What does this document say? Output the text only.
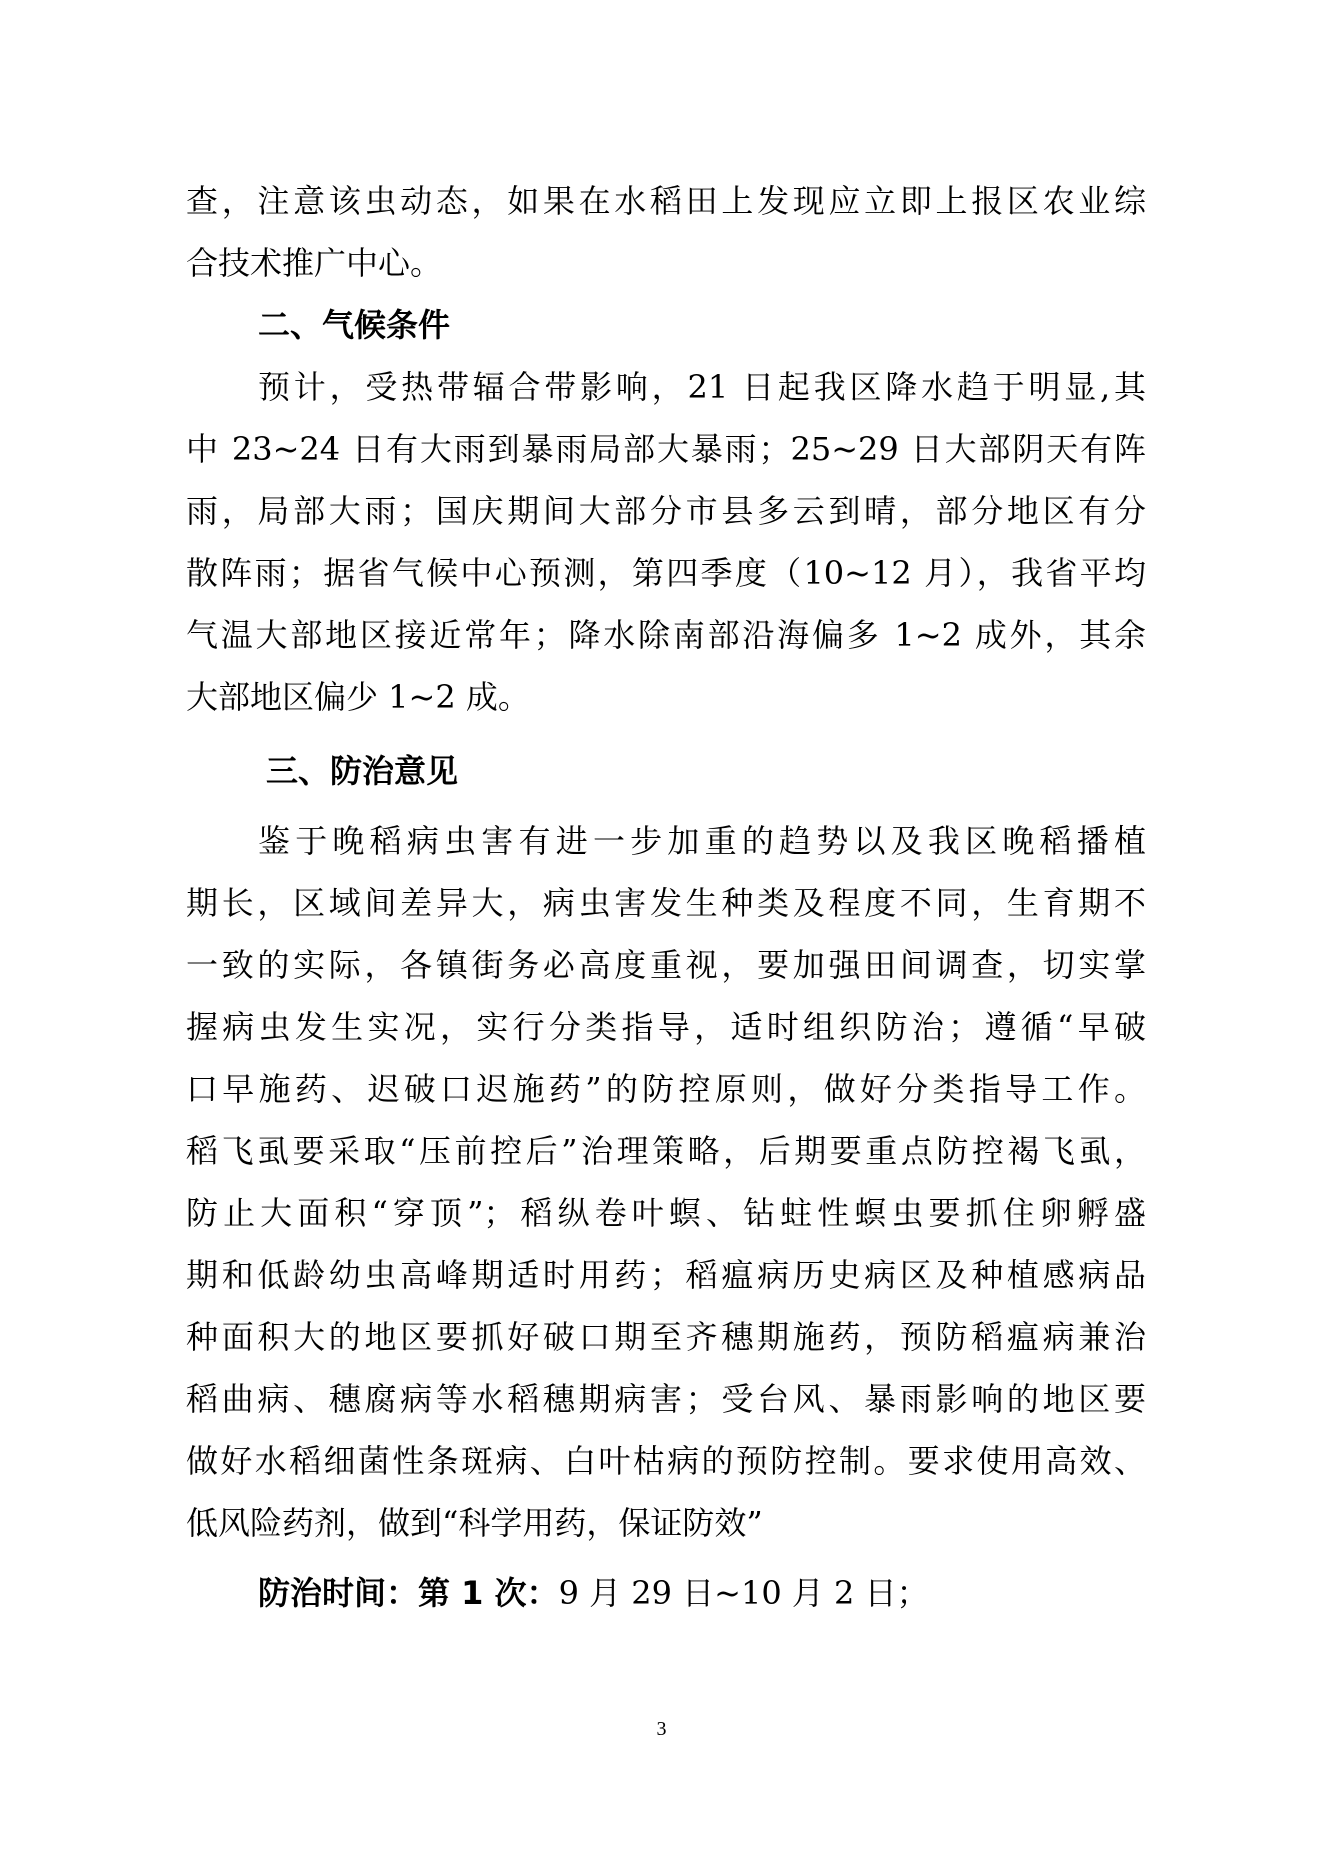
查，注意该虫动态，如果在水稻田上发现应立即上报区农业综
合技术推广中心。
二、气候条件
预计，受热带辐合带影响，21 日起我区降水趋于明显,其
中 23~24 日有大雨到暴雨局部大暴雨；25~29 日大部阴天有阵
雨，局部大雨；国庆期间大部分市县多云到晴，部分地区有分
散阵雨；据省气候中心预测，第四季度（10~12 月），我省平均
气温大部地区接近常年；降水除南部沿海偏多 1~2 成外，其余
大部地区偏少 1~2 成。
三、防治意见
鉴于晚稻病虫害有进一步加重的趋势以及我区晚稻播植
期长，区域间差异大，病虫害发生种类及程度不同，生育期不
一致的实际，各镇街务必高度重视，要加强田间调查，切实掌
握病虫发生实况，实行分类指导，适时组织防治；遵循“早破
口早施药、迟破口迟施药”的防控原则，做好分类指导工作。
稻飞虱要采取“压前控后”治理策略，后期要重点防控褐飞虱，
防止大面积“穿顶”；稻纵卷叶螟、钻蛀性螟虫要抓住卵孵盛
期和低龄幼虫高峰期适时用药；稻瘟病历史病区及种植感病品
种面积大的地区要抓好破口期至齐穗期施药，预防稻瘟病兼治
稻曲病、穗腐病等水稻穗期病害；受台风、暴雨影响的地区要
做好水稻细菌性条斑病、白叶枯病的预防控制。要求使用高效、
低风险药剂，做到“科学用药，保证防效”
防治时间：第 1 次：9 月 29 日~10 月 2 日；
3
